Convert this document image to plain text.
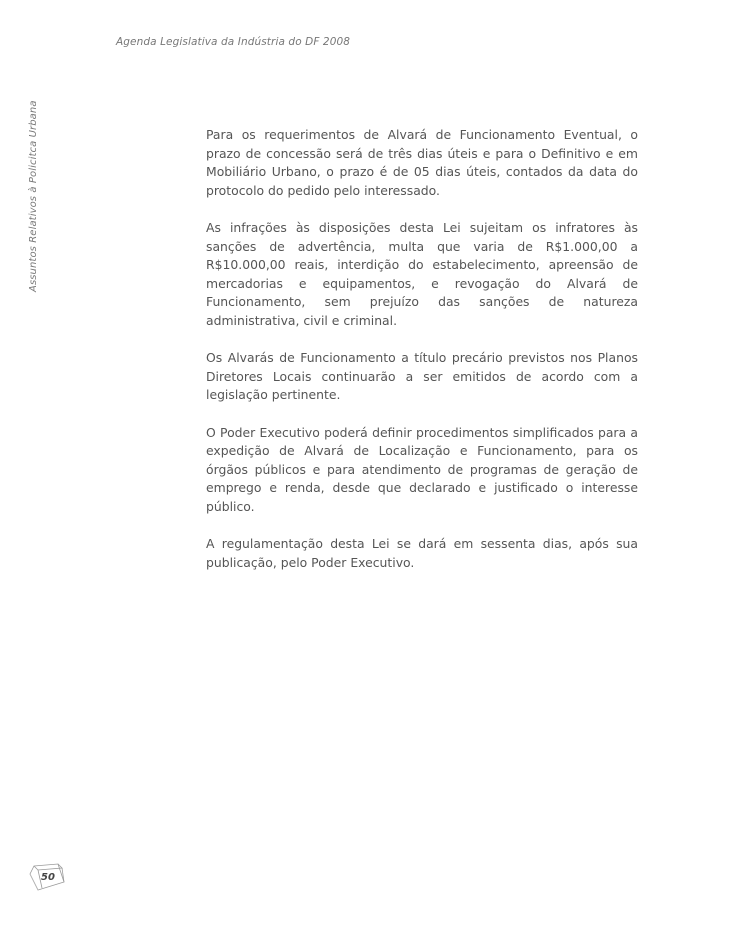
Agenda Legislativa da Indústria do DF 2008
Assuntos Relativos à Policitca Urbana	Para os requerimentos de Alvará de Funcionamento Eventual, o prazo de concessão será de três dias úteis e para o Definitivo e em Mobiliário Urbano, o prazo é de 05 dias úteis, contados da data do protocolo do pedido pelo interessado.

As infrações às disposições desta Lei sujeitam os infratores às sanções de advertência, multa que varia de R$1.000,00 a R$10.000,00 reais, interdição do estabelecimento, apreensão de mercadorias e equipamentos, e revogação do Alvará de Funcionamento, sem prejuízo das sanções de natureza administrativa, civil e criminal.

Os Alvarás de Funcionamento a título precário previstos nos Planos Diretores Locais continuarão a ser emitidos de acordo com a legislação pertinente.

O Poder Executivo poderá definir procedimentos simplificados para a expedição de Alvará de Localização e Funcionamento, para os órgãos públicos e para atendimento de programas de geração de emprego e renda, desde que declarado e justificado o interesse público.

A regulamentação desta Lei se dará em sessenta dias, após sua publicação, pelo Poder Executivo.

50
